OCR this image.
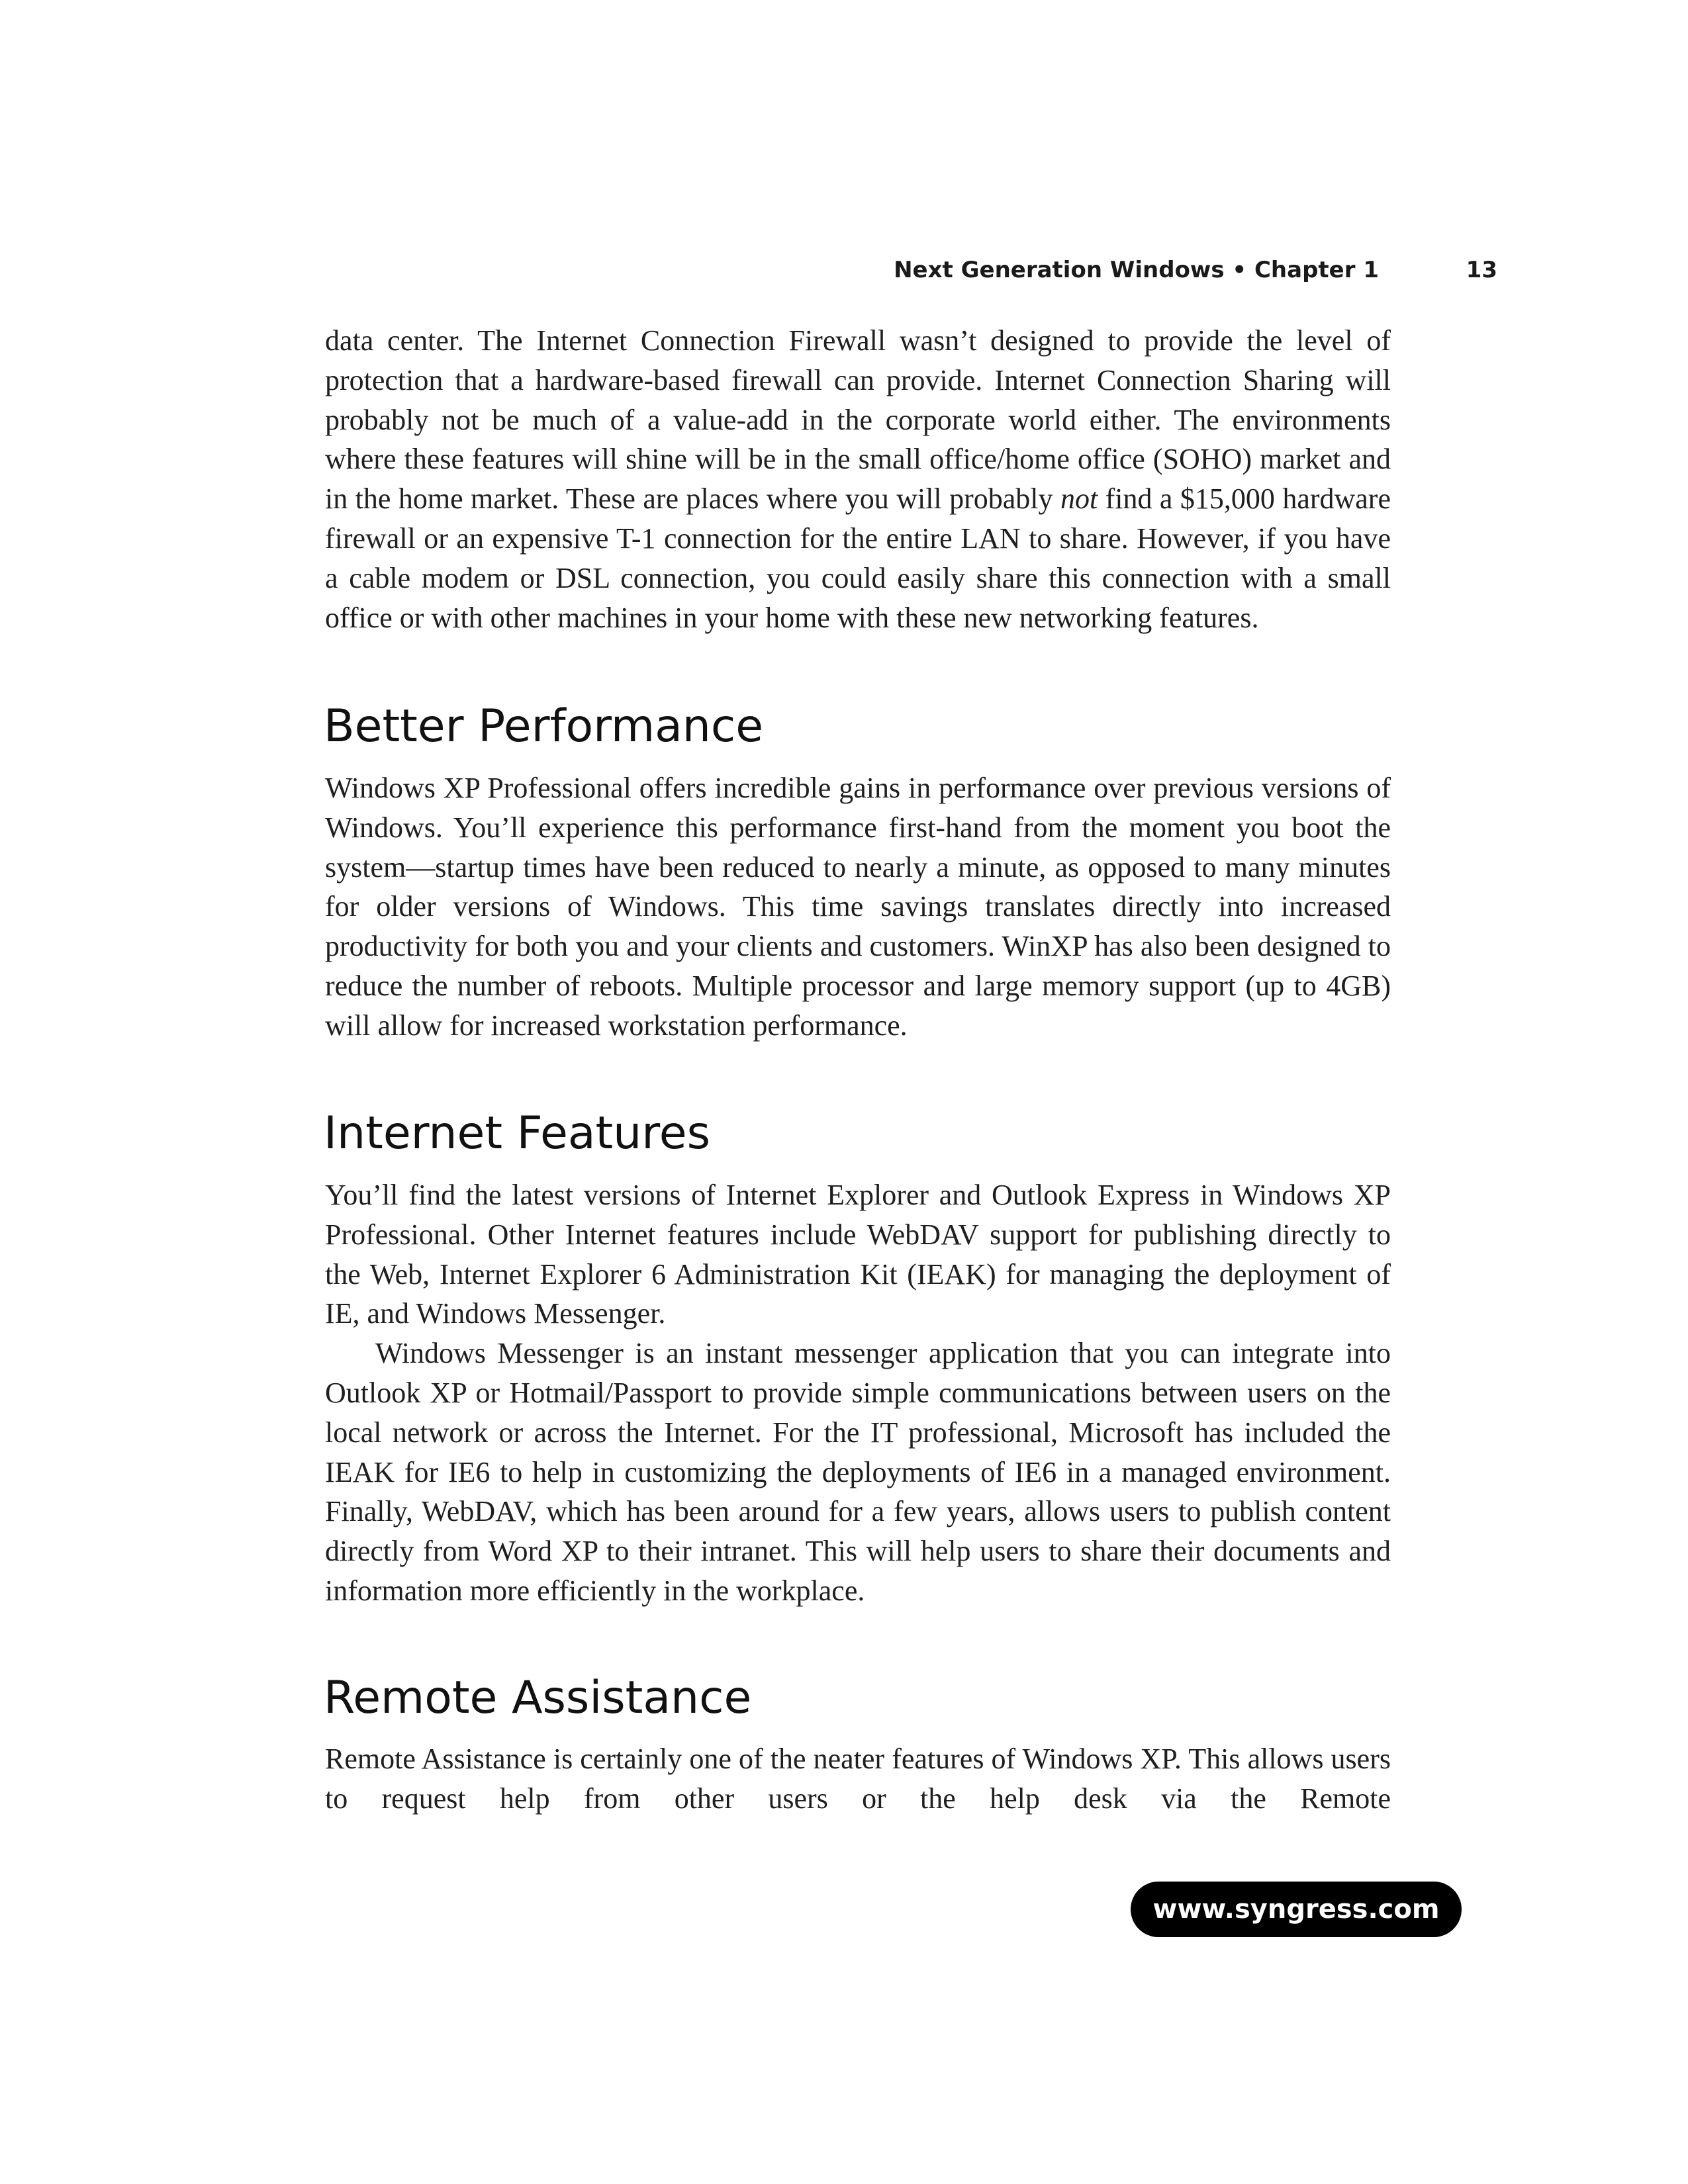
Next Generation Windows • Chapter 1	13

data center. The Internet Connection Firewall wasn’t designed to provide the level of protection that a hardware-based firewall can provide. Internet Connection Sharing will probably not be much of a value-add in the corporate world either. The environments where these features will shine will be in the small office/home office (SOHO) market and in the home market. These are places where you will probably not find a $15,000 hardware firewall or an expensive T-1 connection for the entire LAN to share. However, if you have a cable modem or DSL connection, you could easily share this connection with a small office or with other machines in your home with these new networking features.

Better Performance

Windows XP Professional offers incredible gains in performance over previous versions of Windows. You’ll experience this performance first-hand from the moment you boot the system—startup times have been reduced to nearly a minute, as opposed to many minutes for older versions of Windows. This time savings translates directly into increased productivity for both you and your clients and customers. WinXP has also been designed to reduce the number of reboots. Multiple processor and large memory support (up to 4GB) will allow for increased workstation performance.

Internet Features

You’ll find the latest versions of Internet Explorer and Outlook Express in Windows XP Professional. Other Internet features include WebDAV support for publishing directly to the Web, Internet Explorer 6 Administration Kit (IEAK) for managing the deployment of IE, and Windows Messenger.

Windows Messenger is an instant messenger application that you can integrate into Outlook XP or Hotmail/Passport to provide simple communications between users on the local network or across the Internet. For the IT professional, Microsoft has included the IEAK for IE6 to help in customizing the deployments of IE6 in a managed environment. Finally, WebDAV, which has been around for a few years, allows users to publish content directly from Word XP to their intranet. This will help users to share their documents and information more efficiently in the workplace.

Remote Assistance

Remote Assistance is certainly one of the neater features of Windows XP. This allows users to request help from other users or the help desk via the Remote

www.syngress.com
